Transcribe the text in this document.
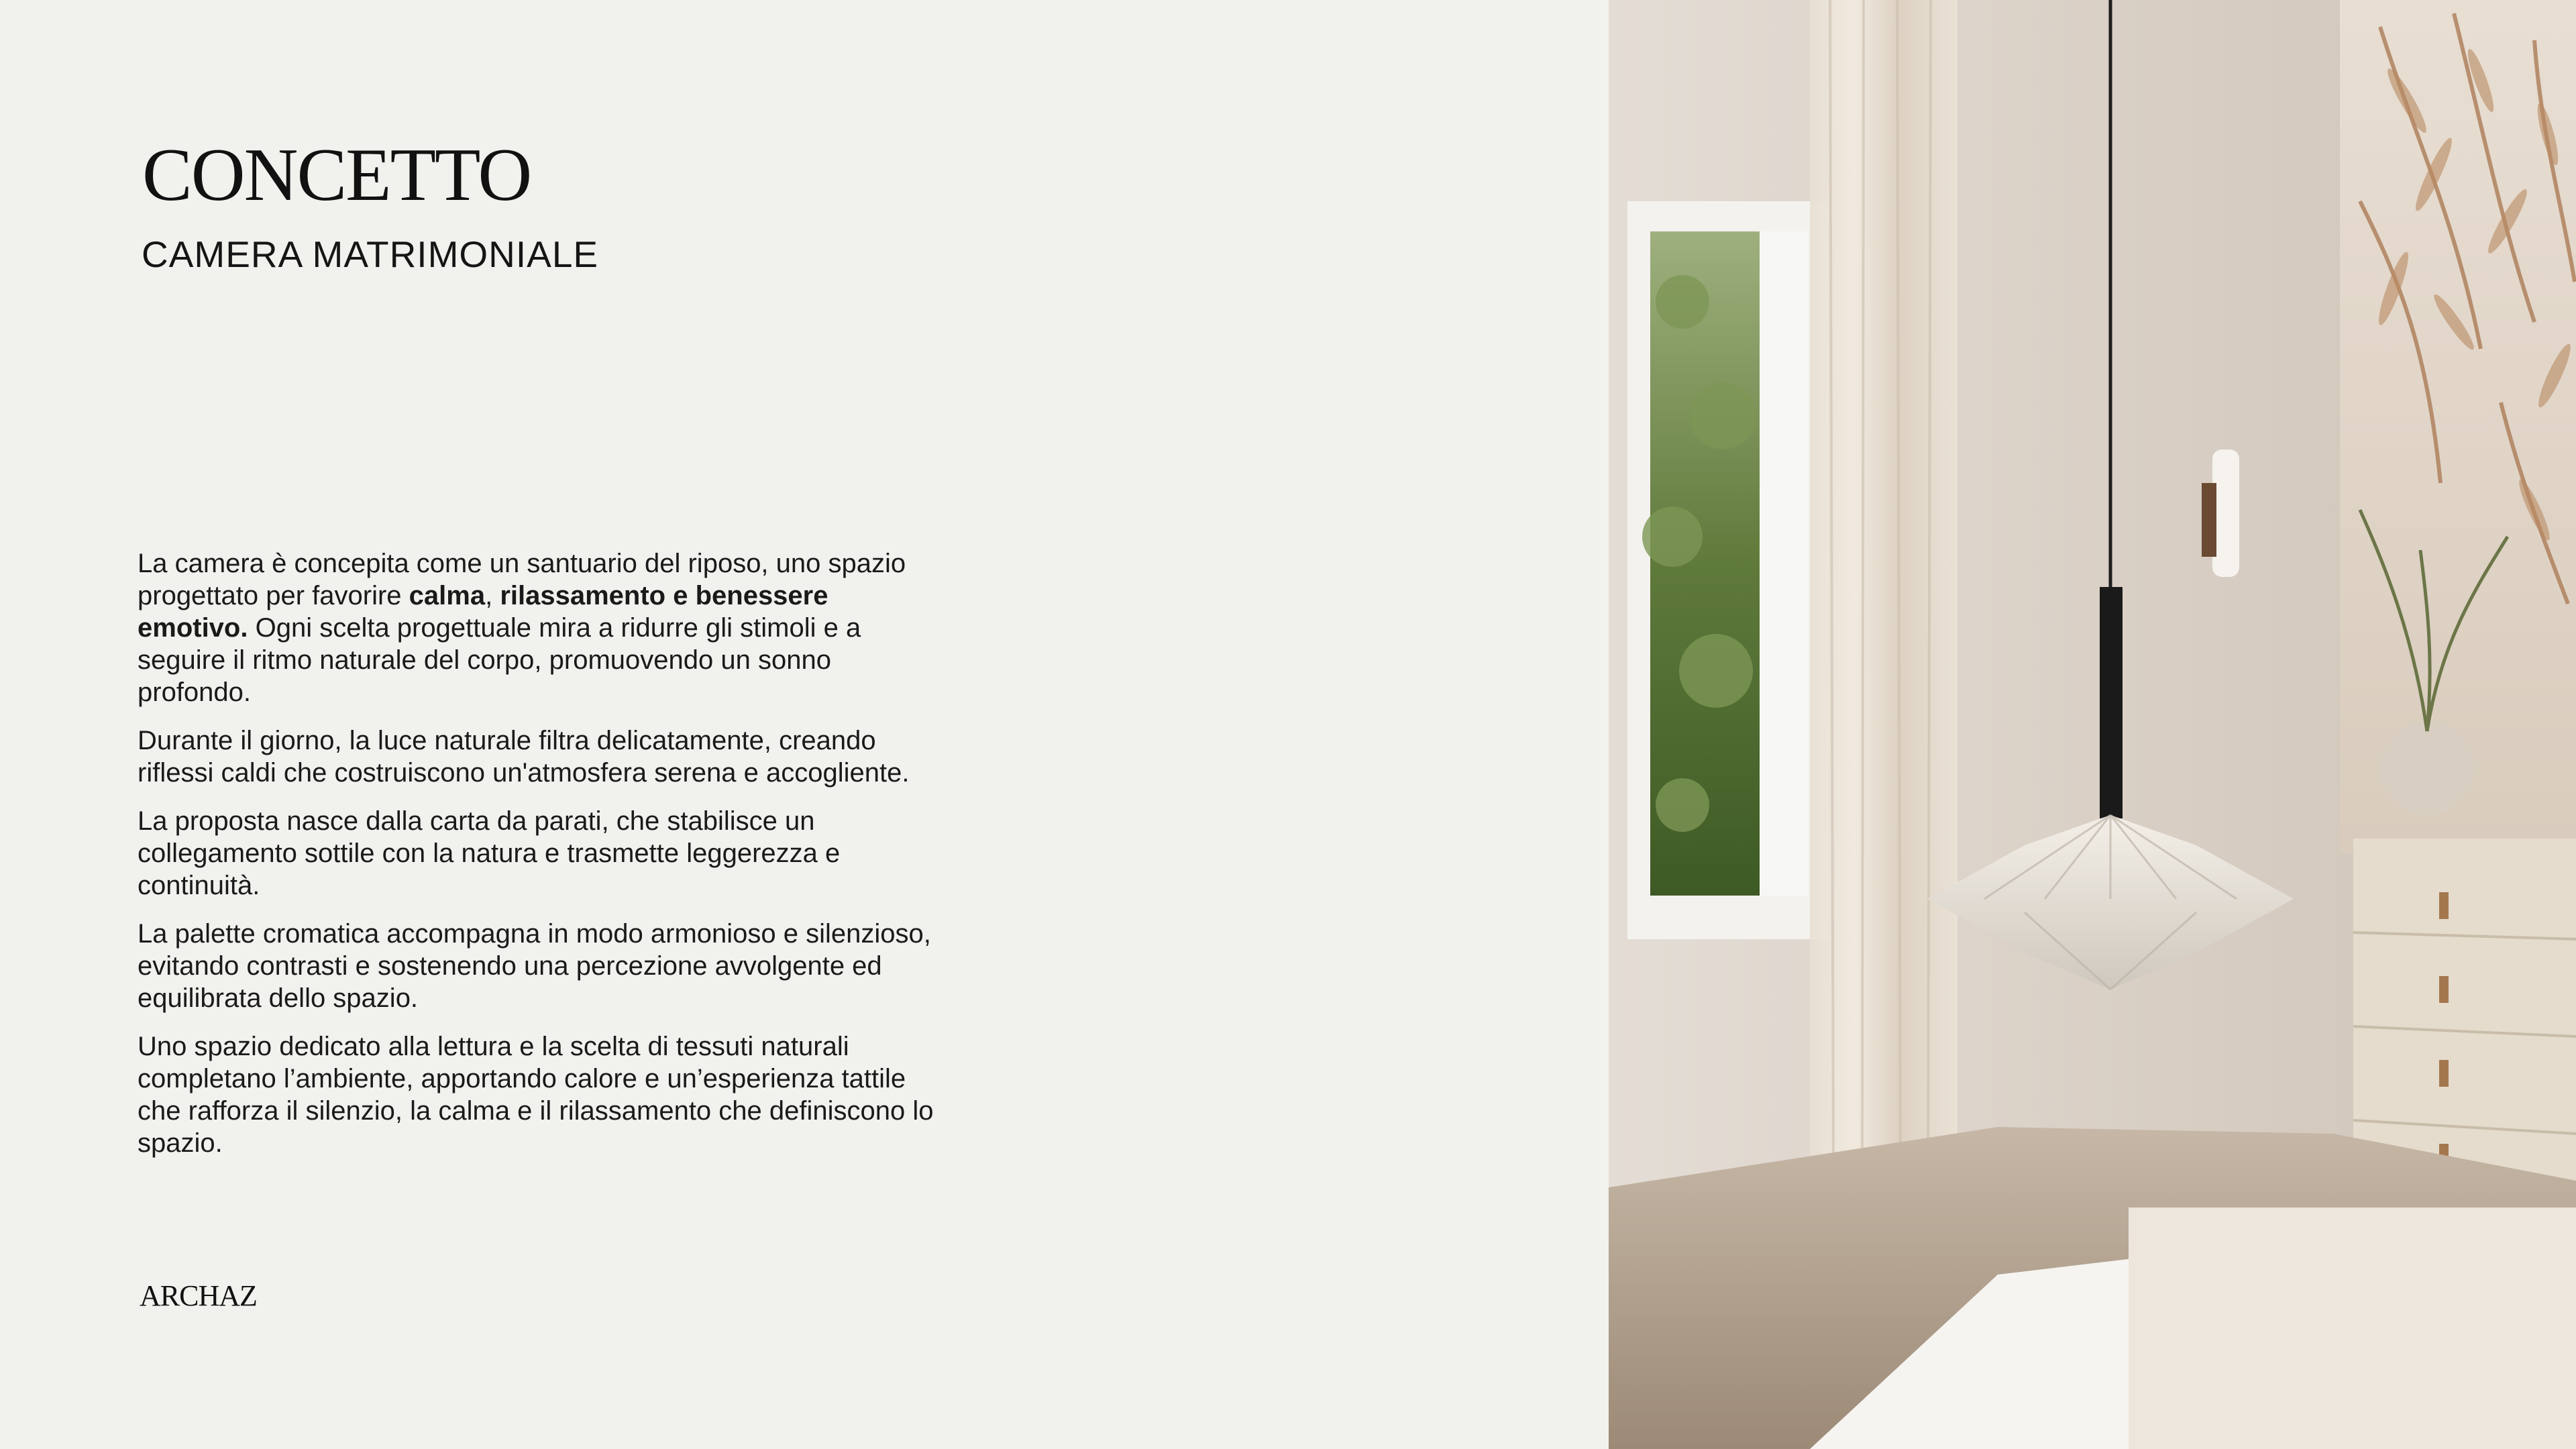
CONCETTO
CAMERA MATRIMONIALE

La camera è concepita come un santuario del riposo, uno spazio progettato per favorire calma, rilassamento e benessere emotivo. Ogni scelta progettuale mira a ridurre gli stimoli e a seguire il ritmo naturale del corpo, promuovendo un sonno profondo.

Durante il giorno, la luce naturale filtra delicatamente, creando riflessi caldi che costruiscono un'atmosfera serena e accogliente.

La proposta nasce dalla carta da parati, che stabilisce un collegamento sottile con la natura e trasmette leggerezza e continuità.

La palette cromatica accompagna in modo armonioso e silenzioso, evitando contrasti e sostenendo una percezione avvolgente ed equilibrata dello spazio.

Uno spazio dedicato alla lettura e la scelta di tessuti naturali completano l’ambiente, apportando calore e un’esperienza tattile che rafforza il silenzio, la calma e il rilassamento che definiscono lo spazio.

ARCHAZ
